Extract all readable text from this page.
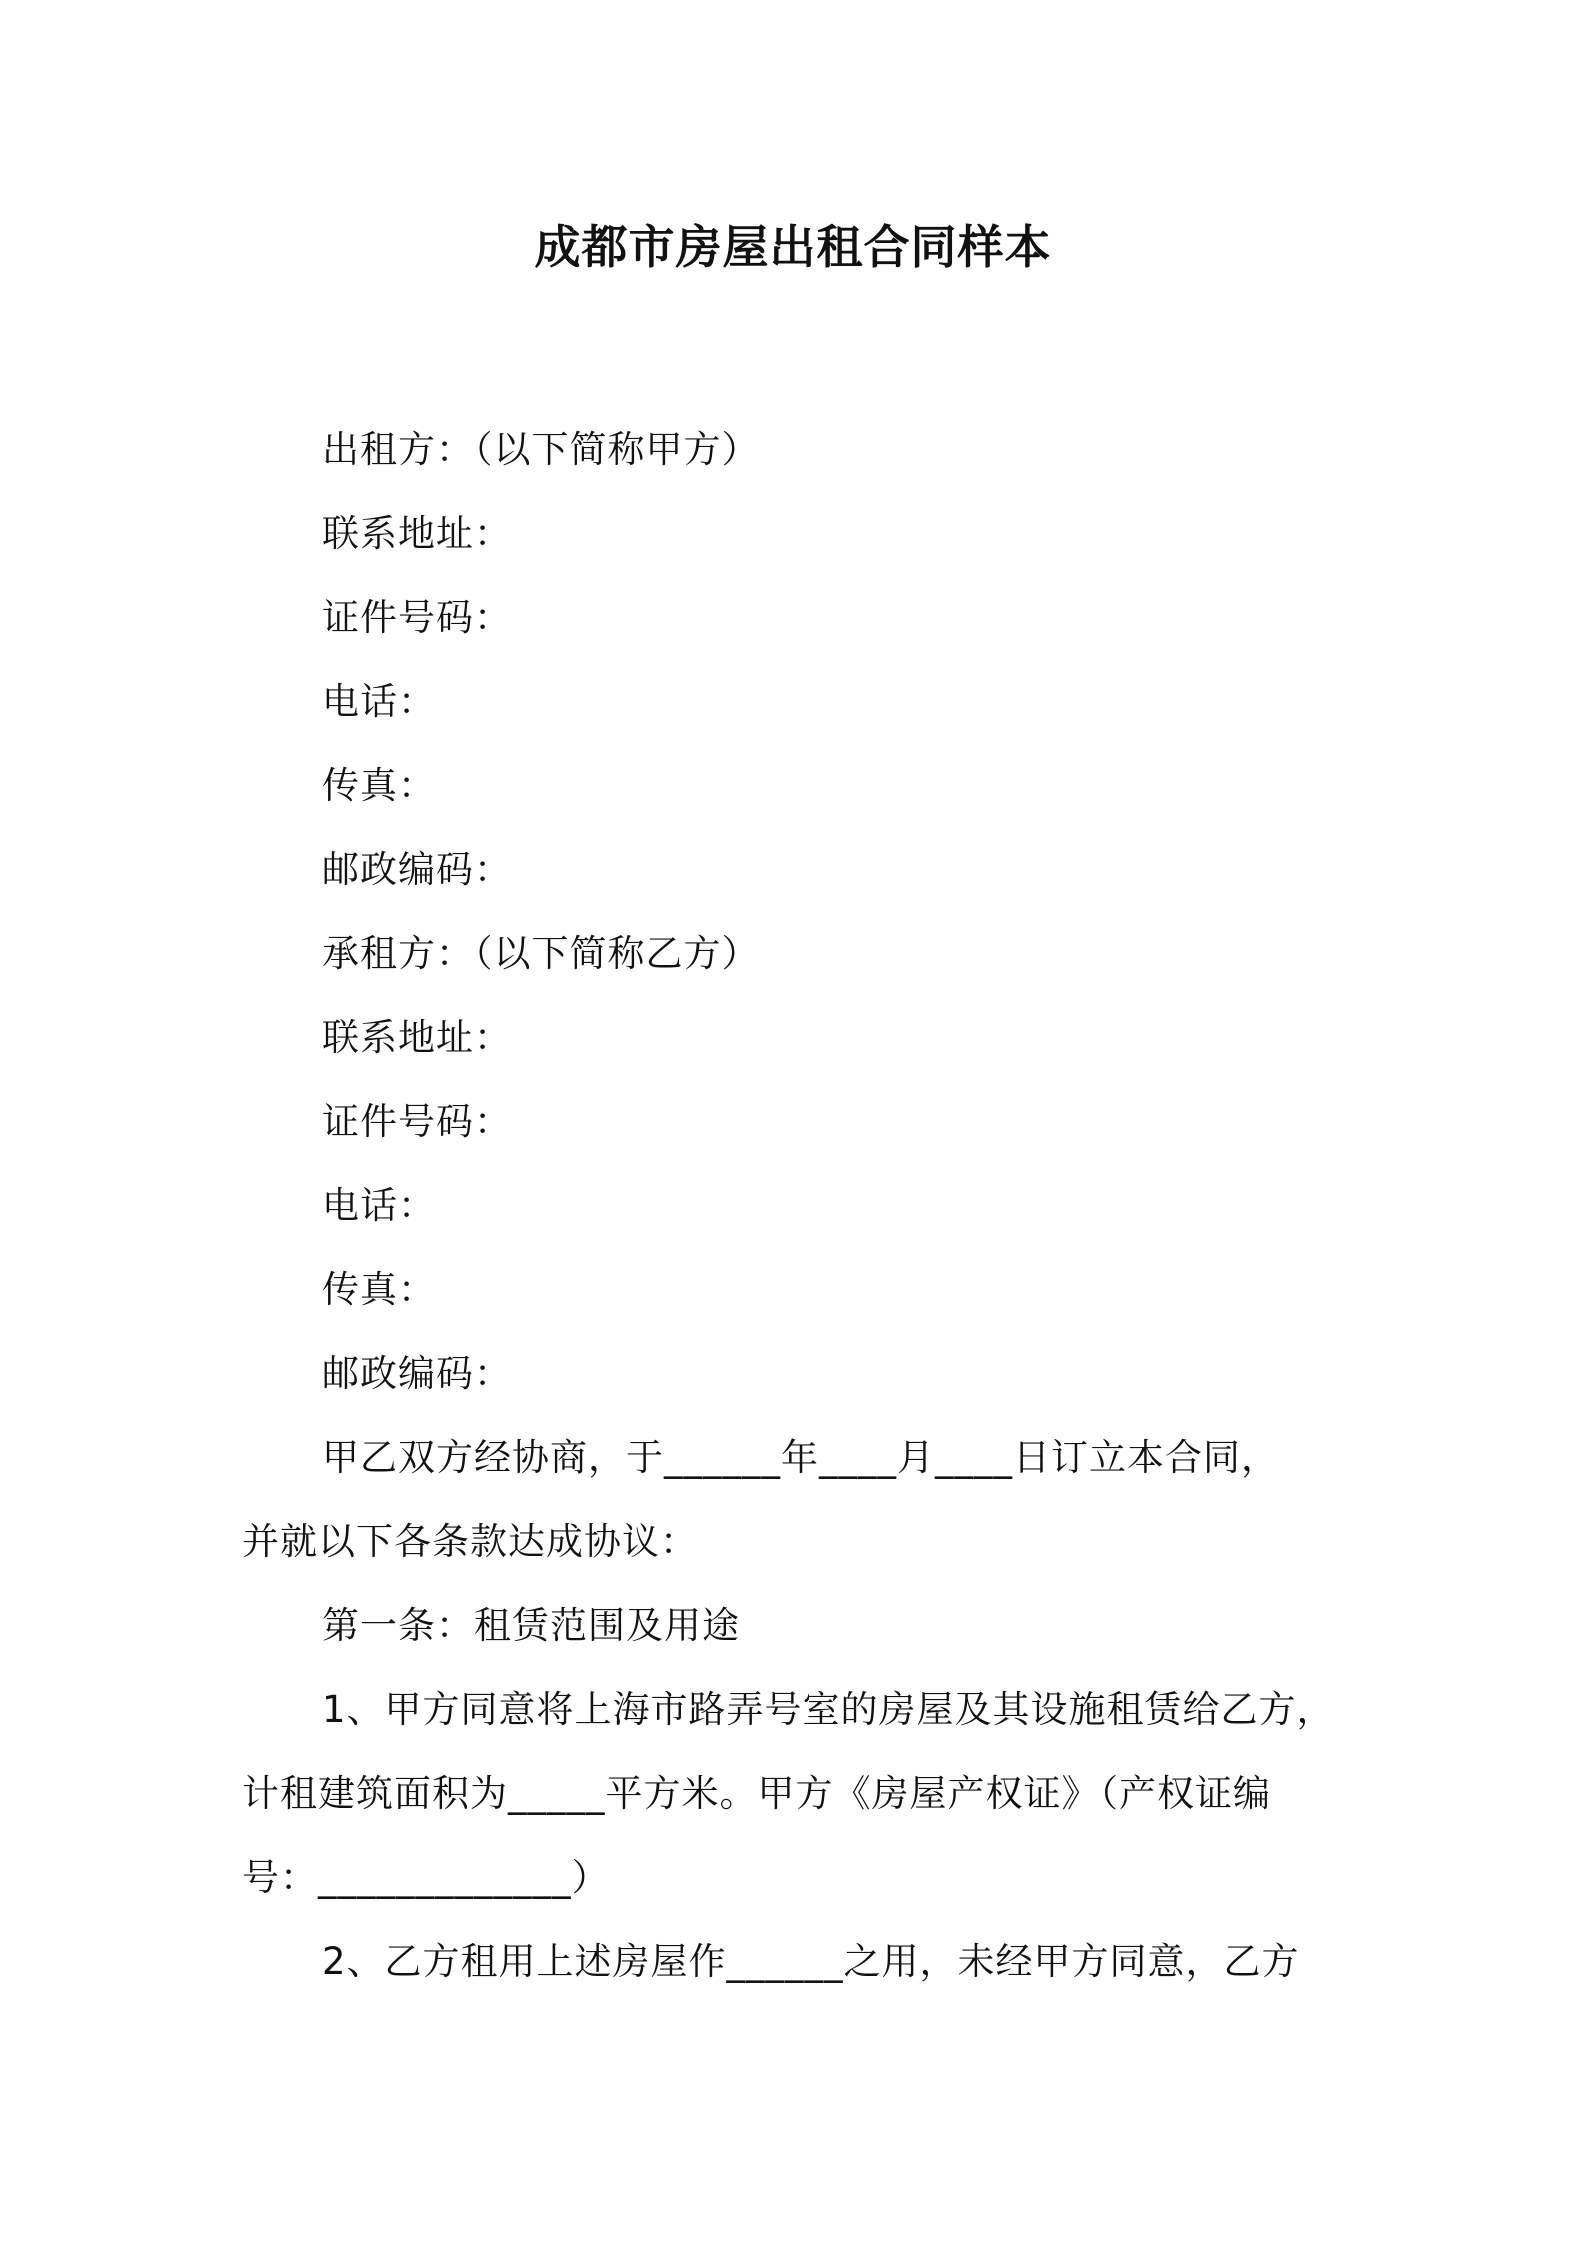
成都市房屋出租合同样本
出租方：（以下简称甲方）
联系地址：
证件号码：
电话：
传真：
邮政编码：
承租方：（以下简称乙方）
联系地址：
证件号码：
电话：
传真：
邮政编码：
甲乙双方经协商，于______年____月____日订立本合同，
并就以下各条款达成协议：
第一条：租赁范围及用途
1、甲方同意将上海市路弄号室的房屋及其设施租赁给乙方，
计租建筑面积为_____平方米。甲方《房屋产权证》（产权证编
号：_____________）
2、乙方租用上述房屋作______之用，未经甲方同意，乙方
